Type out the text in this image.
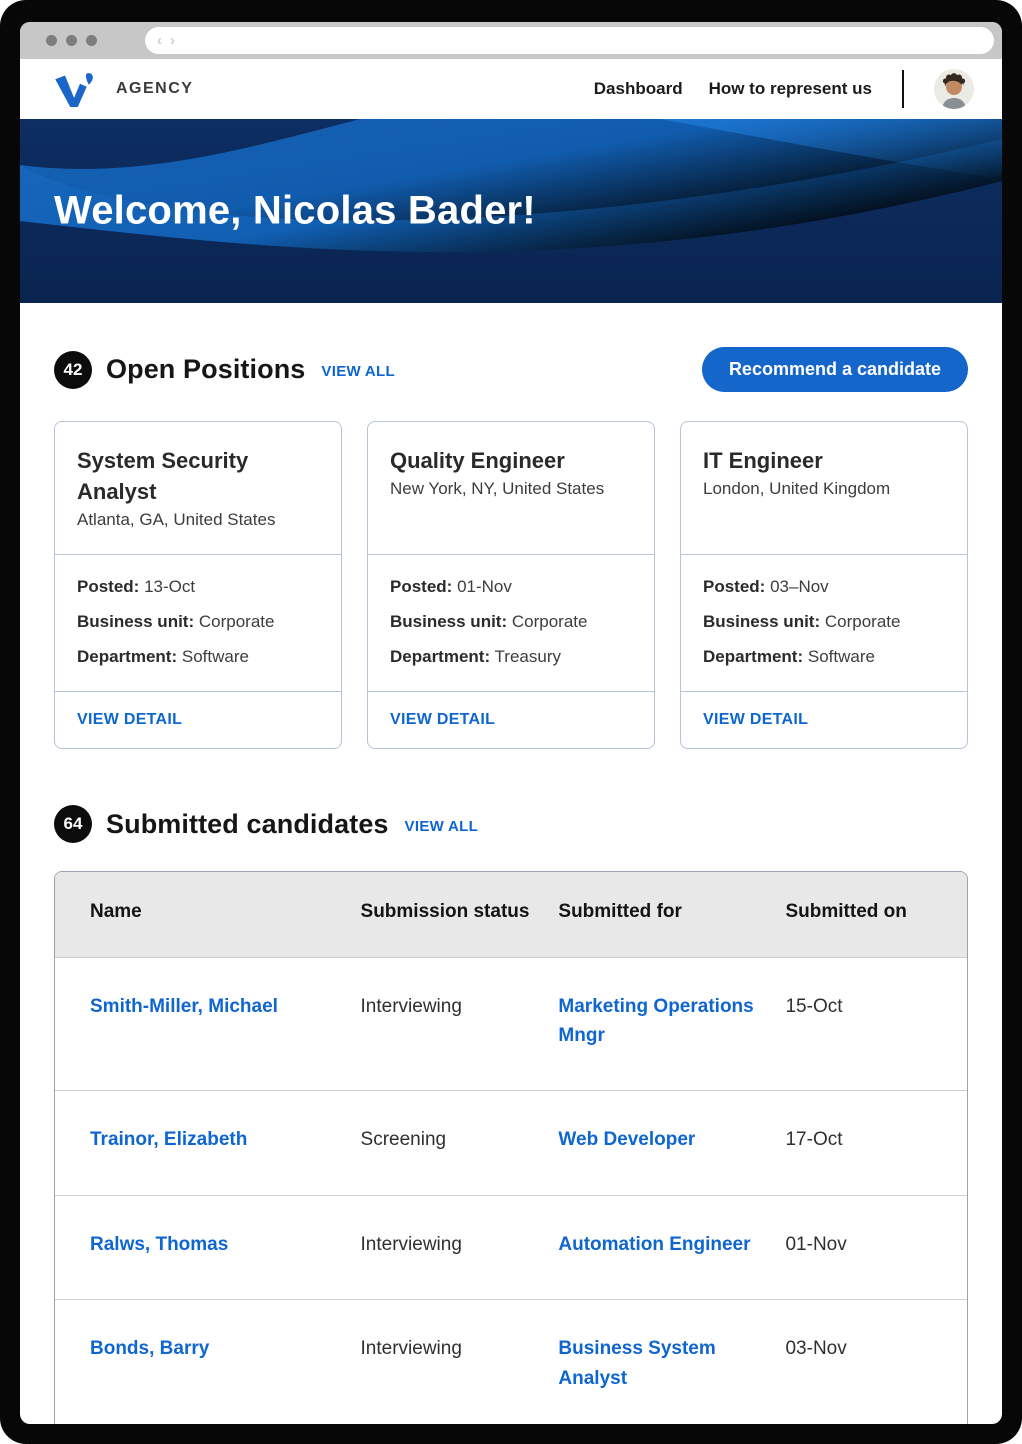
‹ ›
AGENCY	Dashboard How to represent us
Welcome, Nicolas Bader!
42 Open Positions VIEW ALL	Recommend a candidate
System Security Analyst
Atlanta, GA, United States
Posted: 13-Oct
Business unit: Corporate
Department: Software
VIEW DETAIL
Quality Engineer
New York, NY, United States
Posted: 01-Nov
Business unit: Corporate
Department: Treasury
VIEW DETAIL
IT Engineer
London, United Kingdom
Posted: 03–Nov
Business unit: Corporate
Department: Software
VIEW DETAIL
64 Submitted candidates VIEW ALL
Name	Submission status	Submitted for	Submitted on
Smith-Miller, Michael	Interviewing	Marketing Operations Mngr	15-Oct
Trainor, Elizabeth	Screening	Web Developer	17-Oct
Ralws, Thomas	Interviewing	Automation Engineer	01-Nov
Bonds, Barry	Interviewing	Business System Analyst	03-Nov
